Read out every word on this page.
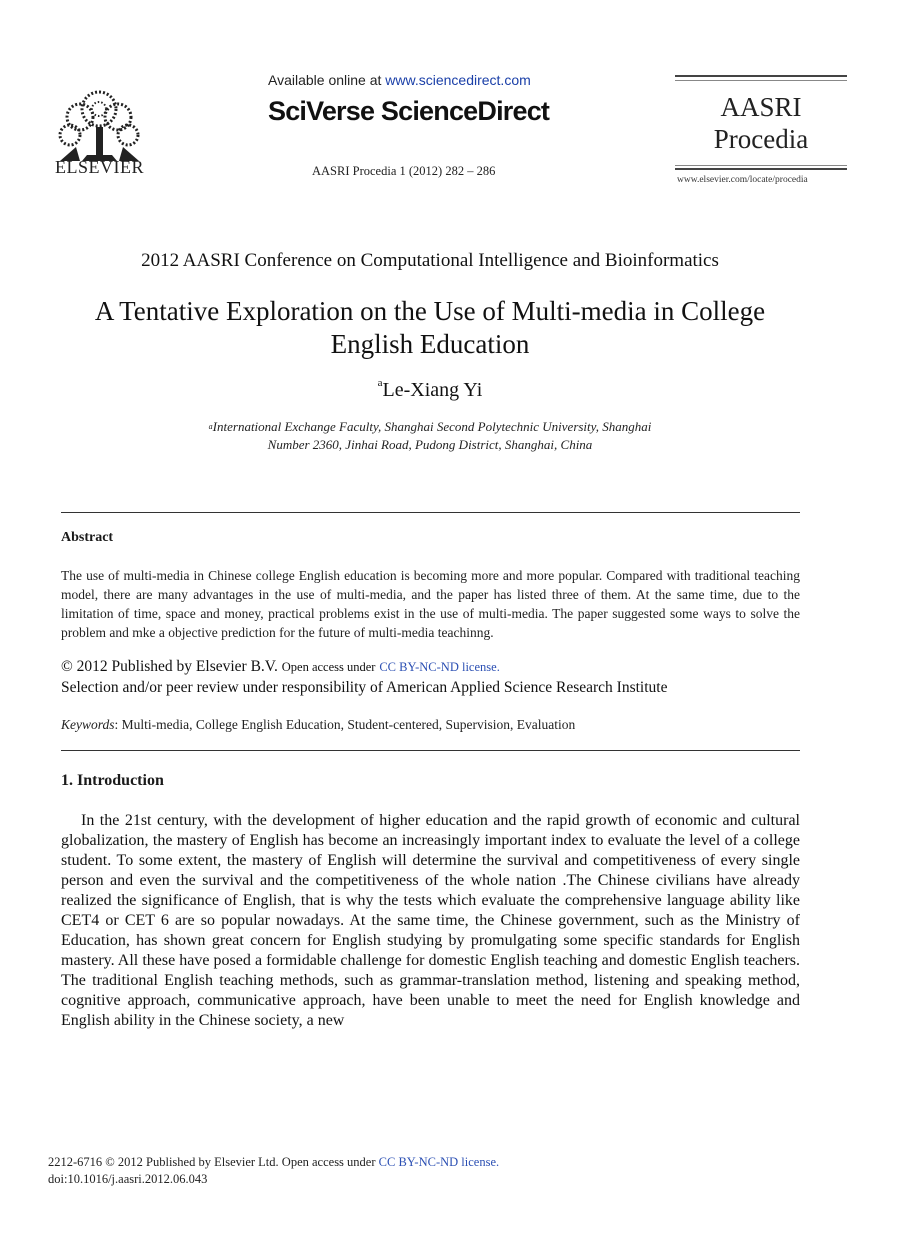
ELSEVIER
Available online at www.sciencedirect.com
SciVerse ScienceDirect
AASRI Procedia 1 (2012) 282 – 286
AASRI
Procedia
www.elsevier.com/locate/procedia
2012 AASRI Conference on Computational Intelligence and Bioinformatics
A Tentative Exploration on the Use of Multi-media in College
English Education
$^a$Le-Xiang Yi
$^a$International Exchange Faculty, Shanghai Second Polytechnic University, Shanghai
Number 2360, Jinhai Road, Pudong District, Shanghai, China
Abstract
The use of multi-media in Chinese college English education is becoming more and more popular. Compared with traditional teaching model, there are many advantages in the use of multi-media, and the paper has listed three of them. At the same time, due to the limitation of time, space and money, practical problems exist in the use of multi-media. The paper suggested some ways to solve the problem and mke a objective prediction for the future of multi-media teachinng.
© 2012 Published by Elsevier B.V. Open access under CC BY-NC-ND license.
Selection and/or peer review under responsibility of American Applied Science Research Institute
Keywords: Multi-media, College English Education, Student-centered, Supervision, Evaluation
1. Introduction
In the 21st century, with the development of higher education and the rapid growth of economic and cultural globalization, the mastery of English has become an increasingly important index to evaluate the level of a college student. To some extent, the mastery of English will determine the survival and competitiveness of every single person and even the survival and the competitiveness of the whole nation .The Chinese civilians have already realized the significance of English, that is why the tests which evaluate the comprehensive language ability like CET4 or CET 6 are so popular nowadays. At the same time, the Chinese government, such as the Ministry of Education, has shown great concern for English studying by promulgating some specific standards for English mastery. All these have posed a formidable challenge for domestic English teaching and domestic English teachers. The traditional English teaching methods, such as grammar-translation method, listening and speaking method, cognitive approach, communicative approach, have been unable to meet the need for English knowledge and English ability in the Chinese society, a new
2212-6716 © 2012 Published by Elsevier Ltd. Open access under CC BY-NC-ND license.
doi:10.1016/j.aasri.2012.06.043
